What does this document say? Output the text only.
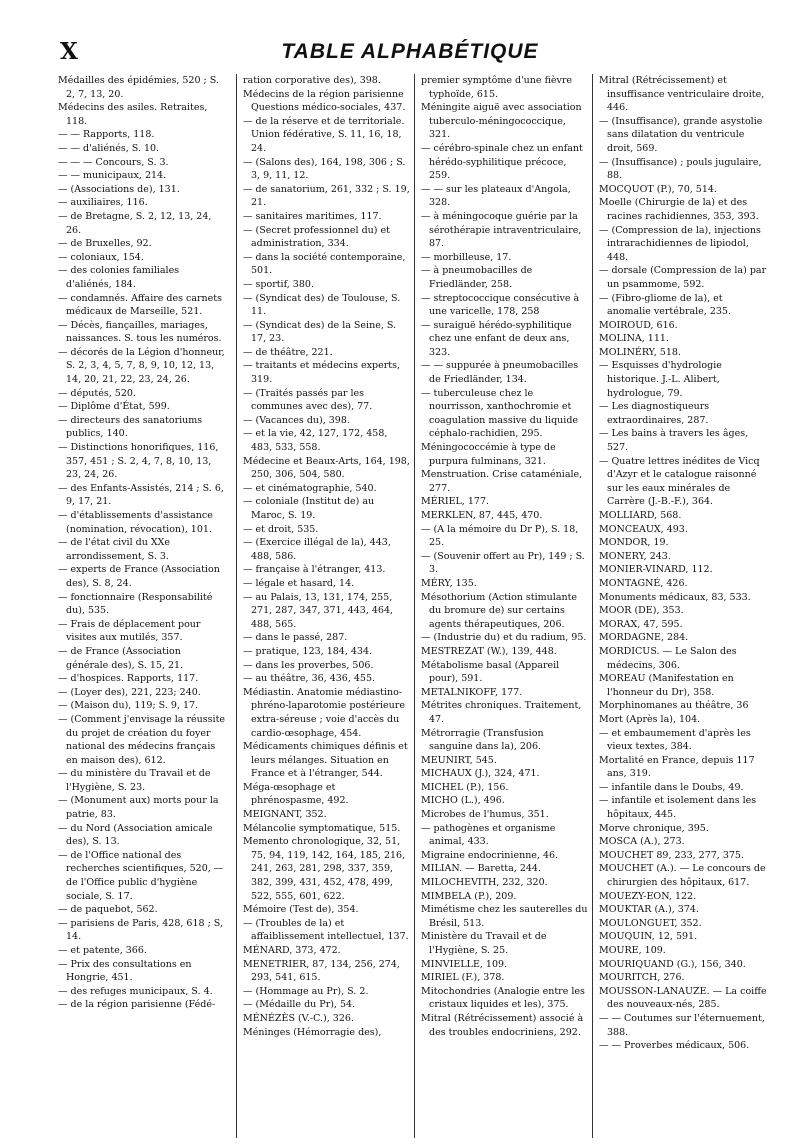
X	TABLE ALPHABÉTIQUE

Médailles des épidémies, 520 ; S. 2, 7, 13, 20.

Médecins des asiles. Retraites, 118.

— — Rapports, 118.

— — d'aliénés, S. 10.

— — — Concours, S. 3.

— — municipaux, 214.

— (Associations de), 131.

— auxiliaires, 116.

— de Bretagne, S. 2, 12, 13, 24, 26.

— de Bruxelles, 92.

— coloniaux, 154.

— des colonies familiales d'aliénés, 184.

— condamnés. Affaire des carnets médicaux de Marseille, 521.

— Décès, fiançailles, mariages, naissances. S. tous les numéros.

— décorés de la Légion d'honneur, S. 2, 3, 4, 5, 7, 8, 9, 10, 12, 13, 14, 20, 21, 22, 23, 24, 26.

— députés, 520.

— Diplôme d'État, 599.

— directeurs des sanatoriums publics, 140.

— Distinctions honorifiques, 116, 357, 451 ; S. 2, 4, 7, 8, 10, 13, 23, 24, 26.

— des Enfants-Assistés, 214 ; S. 6, 9, 17, 21.

— d'établissements d'assistance (nomination, révocation), 101.

— de l'état civil du XXe arrondissement, S. 3.

— experts de France (Association des), S. 8, 24.

— fonctionnaire (Responsabilité du), 535.

— Frais de déplacement pour visites aux mutilés, 357.

— de France (Association générale des), S. 15, 21.

— d'hospices. Rapports, 117.

— (Loyer des), 221, 223; 240.

— (Maison du), 119; S. 9, 17.

— (Comment j'envisage la réussite du projet de création du foyer national des médecins français en maison des), 612.

— du ministère du Travail et de l'Hygiène, S. 23.

— (Monument aux) morts pour la patrie, 83.

— du Nord (Association amicale des), S. 13.

— de l'Office national des recherches scientifiques, 520, — de l'Office public d'hygiène sociale, S. 17.

— de paquebot, 562.

— parisiens de Paris, 428, 618 ; S, 14.

— et patente, 366.

— Prix des consultations en Hongrie, 451.

— des refuges municipaux, S. 4.

— de la région parisienne (Fédé-

ration corporative des), 398.

Médecins de la région parisienne Questions médico-sociales, 437.

— de la réserve et de territoriale. Union fédérative, S. 11, 16, 18, 24.

— (Salons des), 164, 198, 306 ; S. 3, 9, 11, 12.

— de sanatorium, 261, 332 ; S. 19, 21.

— sanitaires maritimes, 117.

— (Secret professionnel du) et administration, 334.

— dans la société contemporaine, 501.

— sportif, 380.

— (Syndicat des) de Toulouse, S. 11.

— (Syndicat des) de la Seine, S. 17, 23.

— de théâtre, 221.

— traitants et médecins experts, 319.

— (Traités passés par les communes avec des), 77.

— (Vacances du), 398.

— et la vie, 42, 127, 172, 458, 483, 533, 558.

Médecine et Beaux-Arts, 164, 198, 250, 306, 504, 580.

— et cinématographie, 540.

— coloniale (Institut de) au Maroc, S. 19.

— et droit, 535.

— (Exercice illégal de la), 443, 488, 586.

— française à l'étranger, 413.

— légale et hasard, 14.

— au Palais, 13, 131, 174, 255, 271, 287, 347, 371, 443, 464, 488, 565.

— dans le passé, 287.

— pratique, 123, 184, 434.

— dans les proverbes, 506.

— au théâtre, 36, 436, 455.

Médiastin. Anatomie médiastino-phréno-laparotomie postérieure extra-séreuse ; voie d'accès du cardio-œsophage, 454.

Médicaments chimiques définis et leurs mélanges. Situation en France et à l'étranger, 544.

Méga-œsophage et phrénospasme, 492.

MEIGNANT, 352.

Mélancolie symptomatique, 515.

Memento chronologique, 32, 51, 75, 94, 119, 142, 164, 185, 216, 241, 263, 281, 298, 337, 359, 382, 399, 431, 452, 478, 499, 522, 555, 601, 622.

Mémoire (Test de), 354.

— (Troubles de la) et affaiblissement intellectuel, 137.

MÉNARD, 373, 472.

MENETRIER, 87, 134, 256, 274, 293, 541, 615.

— (Hommage au Pr), S. 2.

— (Médaille du Pr), 54.

MÉNÉZÈS (V.-C.), 326.

Méninges (Hémorragie des),

premier symptôme d'une fièvre typhoïde, 615.

Méningite aiguë avec association tuberculo-méningococcique, 321.

— cérébro-spinale chez un enfant hérédo-syphilitique précoce, 259.

— — sur les plateaux d'Angola, 328.

— à méningocoque guérie par la sérothérapie intraventriculaire, 87.

— morbilleuse, 17.

— à pneumobacilles de Friedländer, 258.

— streptococcique consécutive à une varicelle, 178, 258

— suraiguë hérédo-syphilitique chez une enfant de deux ans, 323.

— — suppurée à pneumobacilles de Friedländer, 134.

— tuberculeuse chez le nourrisson, xanthochromie et coagulation massive du liquide céphalo-rachidien, 295.

Méningococcémie à type de purpura fulminans, 321.

Menstruation. Crise cataméniale, 277.

MÉRIEL, 177.

MERKLEN, 87, 445, 470.

— (A la mémoire du Dr P), S. 18, 25.

— (Souvenir offert au Pr), 149 ; S. 3.

MÉRY, 135.

Mésothorium (Action stimulante du bromure de) sur certains agents thérapeutiques, 206.

— (Industrie du) et du radium, 95.

MESTREZAT (W.), 139, 448.

Métabolisme basal (Appareil pour), 591.

METALNIKOFF, 177.

Métrites chroniques. Traitement, 47.

Métrorragie (Transfusion sanguine dans la), 206.

MEUNIRT, 545.

MICHAUX (J.), 324, 471.

MICHEL (P.), 156.

MICHO (L.), 496.

Microbes de l'humus, 351.

— pathogènes et organisme animal, 433.

Migraine endocrinienne, 46.

MILIAN. — Baretta, 244.

MILOCHEVITH, 232, 320.

MIMBELA (P.), 209.

Mimétisme chez les sauterelles du Brésil, 513.

Ministère du Travail et de l'Hygiène, S. 25.

MINVIELLE, 109.

MIRIEL (F.), 378.

Mitochondries (Analogie entre les cristaux liquides et les), 375.

Mitral (Rétrécissement) associé à des troubles endocriniens, 292.

Mitral (Rétrécissement) et insuffisance ventriculaire droite, 446.

— (Insuffisance), grande asystolie sans dilatation du ventricule droit, 569.

— (Insuffisance) ; pouls jugulaire, 88.

MOCQUOT (P.), 70, 514.

Moelle (Chirurgie de la) et des racines rachidiennes, 353, 393.

— (Compression de la), injections intrarachidiennes de lipiodol, 448.

— dorsale (Compression de la) par un psammome, 592.

— (Fibro-gliome de la), et anomalie vertébrale, 235.

MOIROUD, 616.

MOLINA, 111.

MOLINÉRY, 518.

— Esquisses d'hydrologie historique. J.-L. Alibert, hydrologue, 79.

— Les diagnostiqueurs extraordinaires, 287.

— Les bains à travers les âges, 527.

— Quatre lettres inédites de Vicq d'Azyr et le catalogue raisonné sur les eaux minérales de Carrère (J.-B.-F.), 364.

MOLLIARD, 568.

MONCEAUX, 493.

MONDOR, 19.

MONERY, 243.

MONIER-VINARD, 112.

MONTAGNÉ, 426.

Monuments médicaux, 83, 533.

MOOR (DE), 353.

MORAX, 47, 595.

MORDAGNE, 284.

MORDICUS. — Le Salon des médecins, 306.

MOREAU (Manifestation en l'honneur du Dr), 358.

Morphinomanes au théâtre, 36

Mort (Après la), 104.

— et embaumement d'après les vieux textes, 384.

Mortalité en France, depuis 117 ans, 319.

— infantile dans le Doubs, 49.

— infantile et isolement dans les hôpitaux, 445.

Morve chronique, 395.

MOSCA (A.), 273.

MOUCHET 89, 233, 277, 375.

MOUCHET (A.). — Le concours de chirurgien des hôpitaux, 617.

MOUEZY-EON, 122.

MOUKTAR (A.), 374.

MOULONGUET, 352.

MOUQUIN, 12, 591.

MOURE, 109.

MOURIQUAND (G.), 156, 340.

MOURITCH, 276.

MOUSSON-LANAUZE. — La coiffe des nouveaux-nés, 285.

— — Coutumes sur l'éternuement, 388.

— — Proverbes médicaux, 506.
